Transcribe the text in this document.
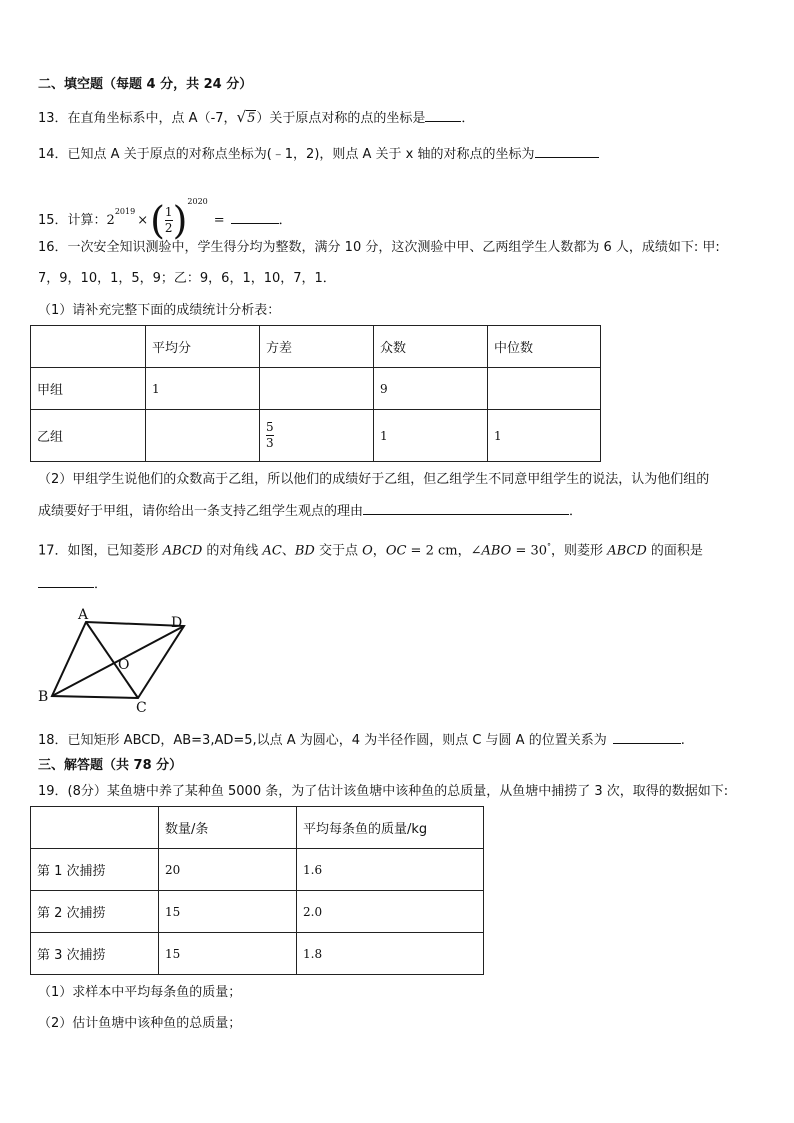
二、填空题（每题 4 分，共 24 分）
13．在直角坐标系中，点 A（-7，√5）关于原点对称的点的坐标是	．
14．已知点 A 关于原点的对称点坐标为(﹣1，2)，则点 A 关于 x 轴的对称点的坐标为
15．计算：$2^{2019}\times( \frac{1}{2} )^{2020}=$	．
16．一次安全知识测验中，学生得分均为整数，满分 10 分，这次测验中甲、乙两组学生人数都为 6 人，成绩如下: 甲:
7，9，10，1，5，9；乙：9，6，1，10，7，1．
（1）请补充完整下面的成绩统计分析表：
	平均分	方差	众数	中位数
甲组	1		9	
乙组		$\frac{5}{3}$	1	1
（2）甲组学生说他们的众数高于乙组，所以他们的成绩好于乙组，但乙组学生不同意甲组学生的说法，认为他们组的
成绩要好于甲组，请你给出一条支持乙组学生观点的理由	．
17．如图，已知菱形 ABCD 的对角线 AC、BD 交于点 O，OC = 2 cm，∠ABO = 30°，则菱形 ABCD 的面积是
．
A	D
O
B
C
18．已知矩形 ABCD，AB=3,AD=5,以点 A 为圆心，4 为半径作圆，则点 C 与圆 A 的位置关系为	.
三、解答题（共 78 分）
19．(8分）某鱼塘中养了某种鱼 5000 条，为了估计该鱼塘中该种鱼的总质量，从鱼塘中捕捞了 3 次，取得的数据如下:
	数量/条	平均每条鱼的质量/kg
第 1 次捕捞	20	1.6
第 2 次捕捞	15	2.0
第 3 次捕捞	15	1.8
（1）求样本中平均每条鱼的质量；
（2）估计鱼塘中该种鱼的总质量；
